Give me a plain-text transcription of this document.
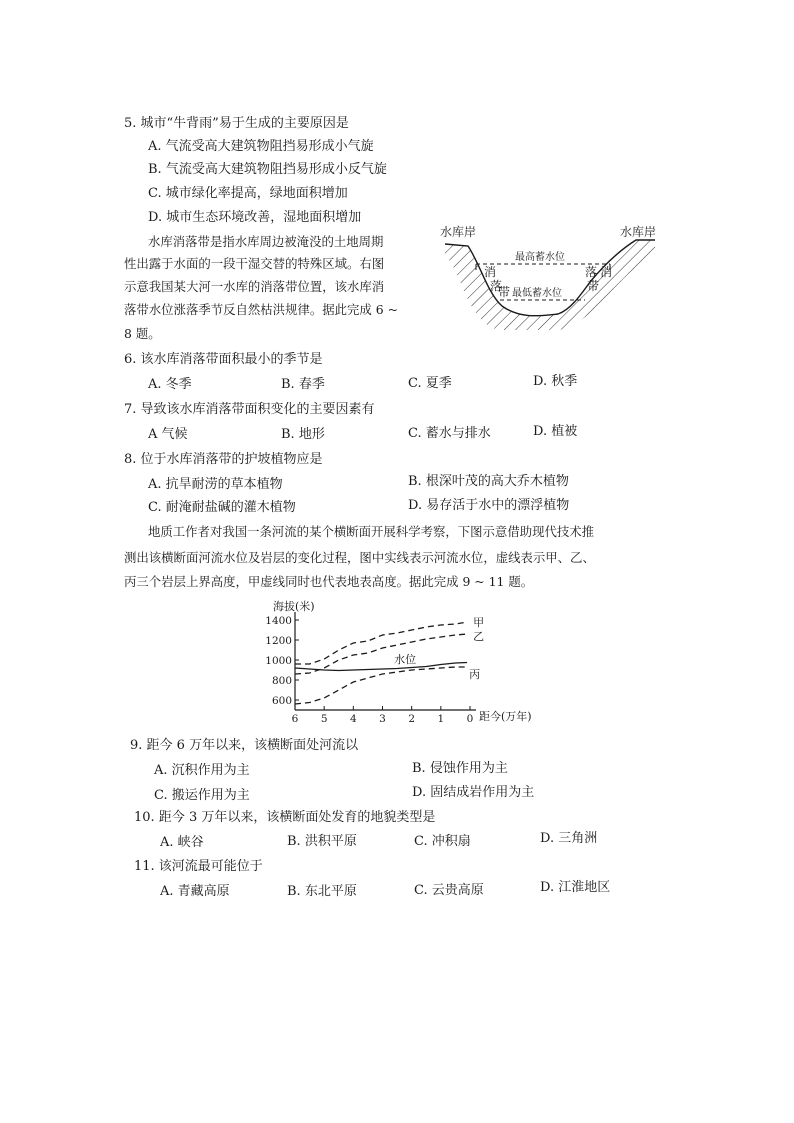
5. 城市“牛背雨”易于生成的主要原因是
A. 气流受高大建筑物阻挡易形成小气旋
B. 气流受高大建筑物阻挡易形成小反气旋
C. 城市绿化率提高，绿地面积增加
D. 城市生态环境改善，湿地面积增加
水库消落带是指水库周边被淹没的土地周期
性出露于水面的一段干湿交替的特殊区域。右图
示意我国某大河一水库的消落带位置，该水库消
落带水位涨落季节反自然枯洪规律。据此完成 6 ~
8 题。
水库岸	水库岸
最高蓄水位
最低蓄水位
消
落
带
落
带
消
6. 该水库消落带面积最小的季节是
A. 冬季	B. 春季	C. 夏季	D. 秋季
7. 导致该水库消落带面积变化的主要因素有
A 气候	B. 地形	C. 蓄水与排水	D. 植被
8. 位于水库消落带的护坡植物应是
A. 抗旱耐涝的草本植物	B. 根深叶茂的高大乔木植物
C. 耐淹耐盐碱的灌木植物	D. 易存活于水中的漂浮植物
地质工作者对我国一条河流的某个横断面开展科学考察，下图示意借助现代技术推
测出该横断面河流水位及岩层的变化过程，图中实线表示河流水位，虚线表示甲、乙、
丙三个岩层上界高度，甲虚线同时也代表地表高度。据此完成 9 ~ 11 题。
海拔(米)
距今(万年)
1400
1200
1000
800
600
6 5 4 3 2 1 0
甲
乙
丙
水位
9. 距今 6 万年以来，该横断面处河流以
A. 沉积作用为主	B. 侵蚀作用为主
C. 搬运作用为主	D. 固结成岩作用为主
10. 距今 3 万年以来，该横断面处发育的地貌类型是
A. 峡谷	B. 洪积平原	C. 冲积扇	D. 三角洲
11. 该河流最可能位于
A. 青藏高原	B. 东北平原	C. 云贵高原	D. 江淮地区
